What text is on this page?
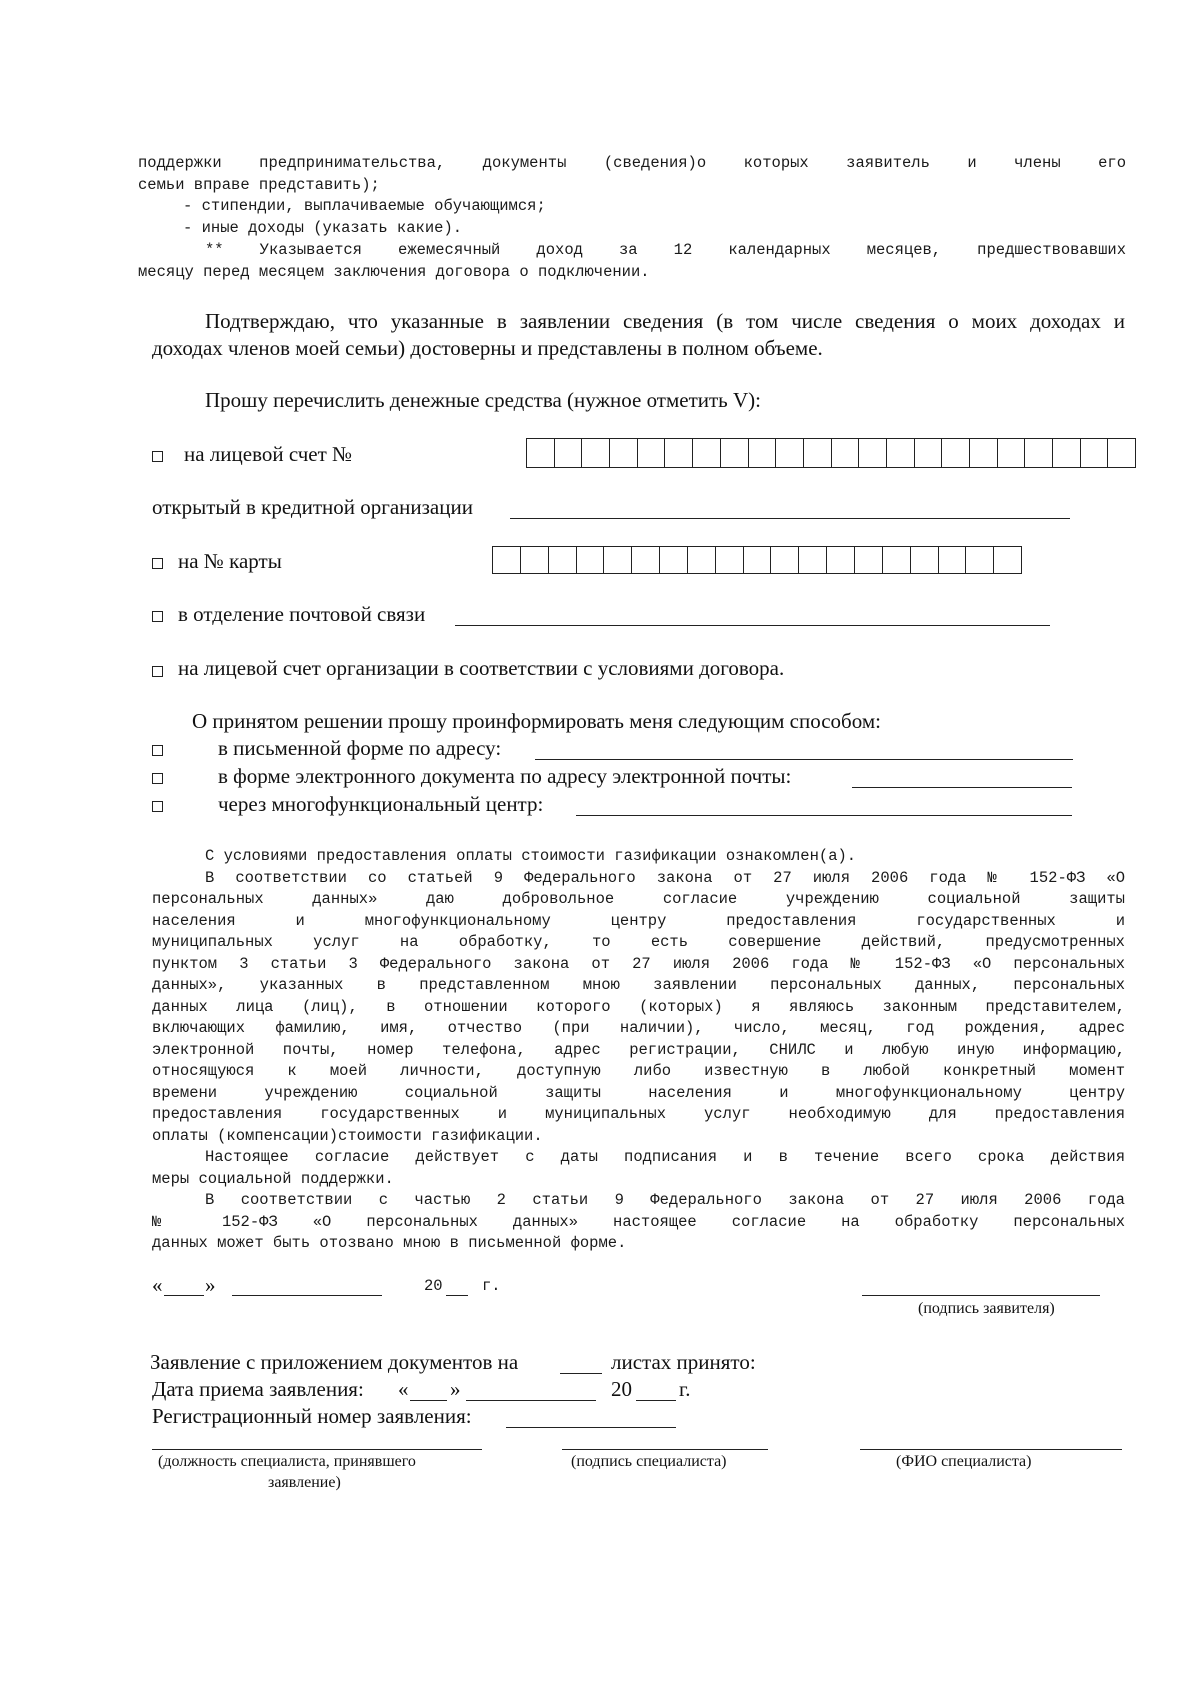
поддержки предпринимательства, документы (сведения)о которых заявитель и члены его
семьи вправе представить);
- стипендии, выплачиваемые обучающимся;
- иные доходы (указать какие).
** Указывается ежемесячный доход за 12 календарных месяцев, предшествовавших
месяцу перед месяцем заключения договора о подключении.
Подтверждаю, что указанные в заявлении сведения (в том числе сведения о моих доходах и
доходах членов моей семьи) достоверны и представлены в полном объеме.
Прошу перечислить денежные средства (нужное отметить V):
на лицевой счет №
открытый в кредитной организации
на № карты
в отделение почтовой связи
на лицевой счет организации в соответствии с условиями договора.
О принятом решении прошу проинформировать меня следующим способом:
в письменной форме по адресу:
в форме электронного документа по адресу электронной почты:
через многофункциональный центр:
С условиями предоставления оплаты стоимости газификации ознакомлен(а).
В соответствии со статьей 9 Федерального закона от 27 июля 2006 года № 152-ФЗ «О
персональных данных» даю добровольное согласие учреждению социальной защиты
населения и многофункциональному центру предоставления государственных и
муниципальных услуг на обработку, то есть совершение действий, предусмотренных
пунктом 3 статьи 3 Федерального закона от 27 июля 2006 года № 152-ФЗ «О персональных
данных», указанных в представленном мною заявлении персональных данных, персональных
данных лица (лиц), в отношении которого (которых) я являюсь законным представителем,
включающих фамилию, имя, отчество (при наличии), число, месяц, год рождения, адрес
электронной почты, номер телефона, адрес регистрации, СНИЛС и любую иную информацию,
относящуюся к моей личности, доступную либо известную в любой конкретный момент
времени учреждению социальной защиты населения и многофункциональному центру
предоставления государственных и муниципальных услуг необходимую для предоставления
оплаты (компенсации)стоимости газификации.
Настоящее согласие действует с даты подписания и в течение всего срока действия
меры социальной поддержки.
В соответствии с частью 2 статьи 9 Федерального закона от 27 июля 2006 года
№ 152-ФЗ «О персональных данных» настоящее согласие на обработку персональных
данных может быть отозвано мною в письменной форме.
« »	20	г.
(подпись заявителя)
Заявление с приложением документов на	листах принято:
Дата приема заявления: « »	20 г.
Регистрационный номер заявления:
(должность специалиста, принявшего
заявление)
(подпись специалиста)	(ФИО специалиста)
